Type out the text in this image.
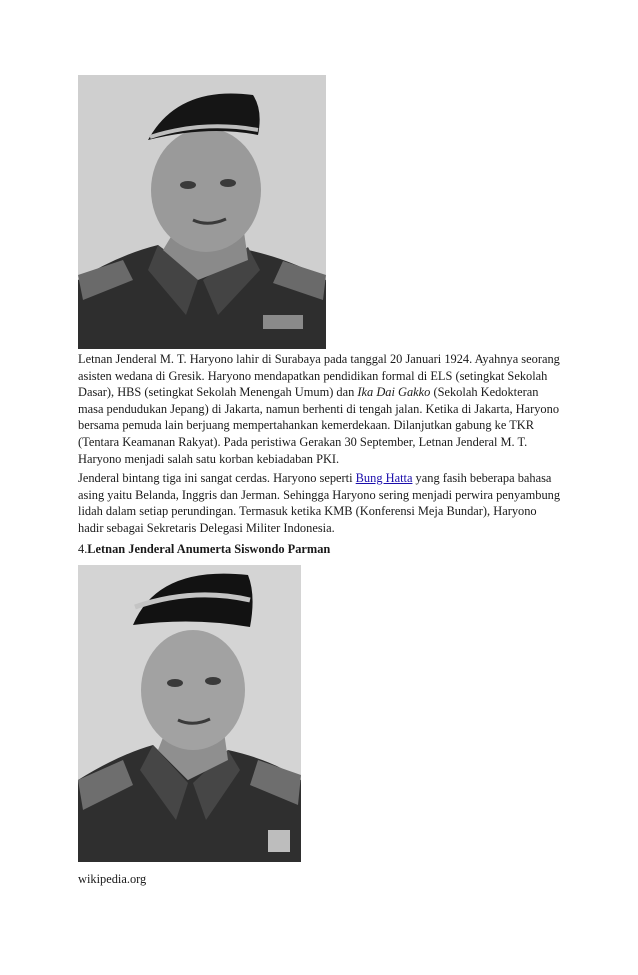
Letnan Jenderal M. T. Haryono lahir di Surabaya pada tanggal 20 Januari 1924. Ayahnya seorang asisten wedana di Gresik. Haryono mendapatkan pendidikan formal di ELS (setingkat Sekolah Dasar), HBS (setingkat Sekolah Menengah Umum) dan Ika Dai Gakko (Sekolah Kedokteran masa pendudukan Jepang) di Jakarta, namun berhenti di tengah jalan. Ketika di Jakarta, Haryono bersama pemuda lain berjuang mempertahankan kemerdekaan. Dilanjutkan gabung ke TKR (Tentara Keamanan Rakyat). Pada peristiwa Gerakan 30 September, Letnan Jenderal M. T. Haryono menjadi salah satu korban kebiadaban PKI.

Jenderal bintang tiga ini sangat cerdas. Haryono seperti Bung Hatta yang fasih beberapa bahasa asing yaitu Belanda, Inggris dan Jerman. Sehingga Haryono sering menjadi perwira penyambung lidah dalam setiap perundingan. Termasuk ketika KMB (Konferensi Meja Bundar), Haryono hadir sebagai Sekretaris Delegasi Militer Indonesia.

4.Letnan Jenderal Anumerta Siswondo Parman
wikipedia.org
